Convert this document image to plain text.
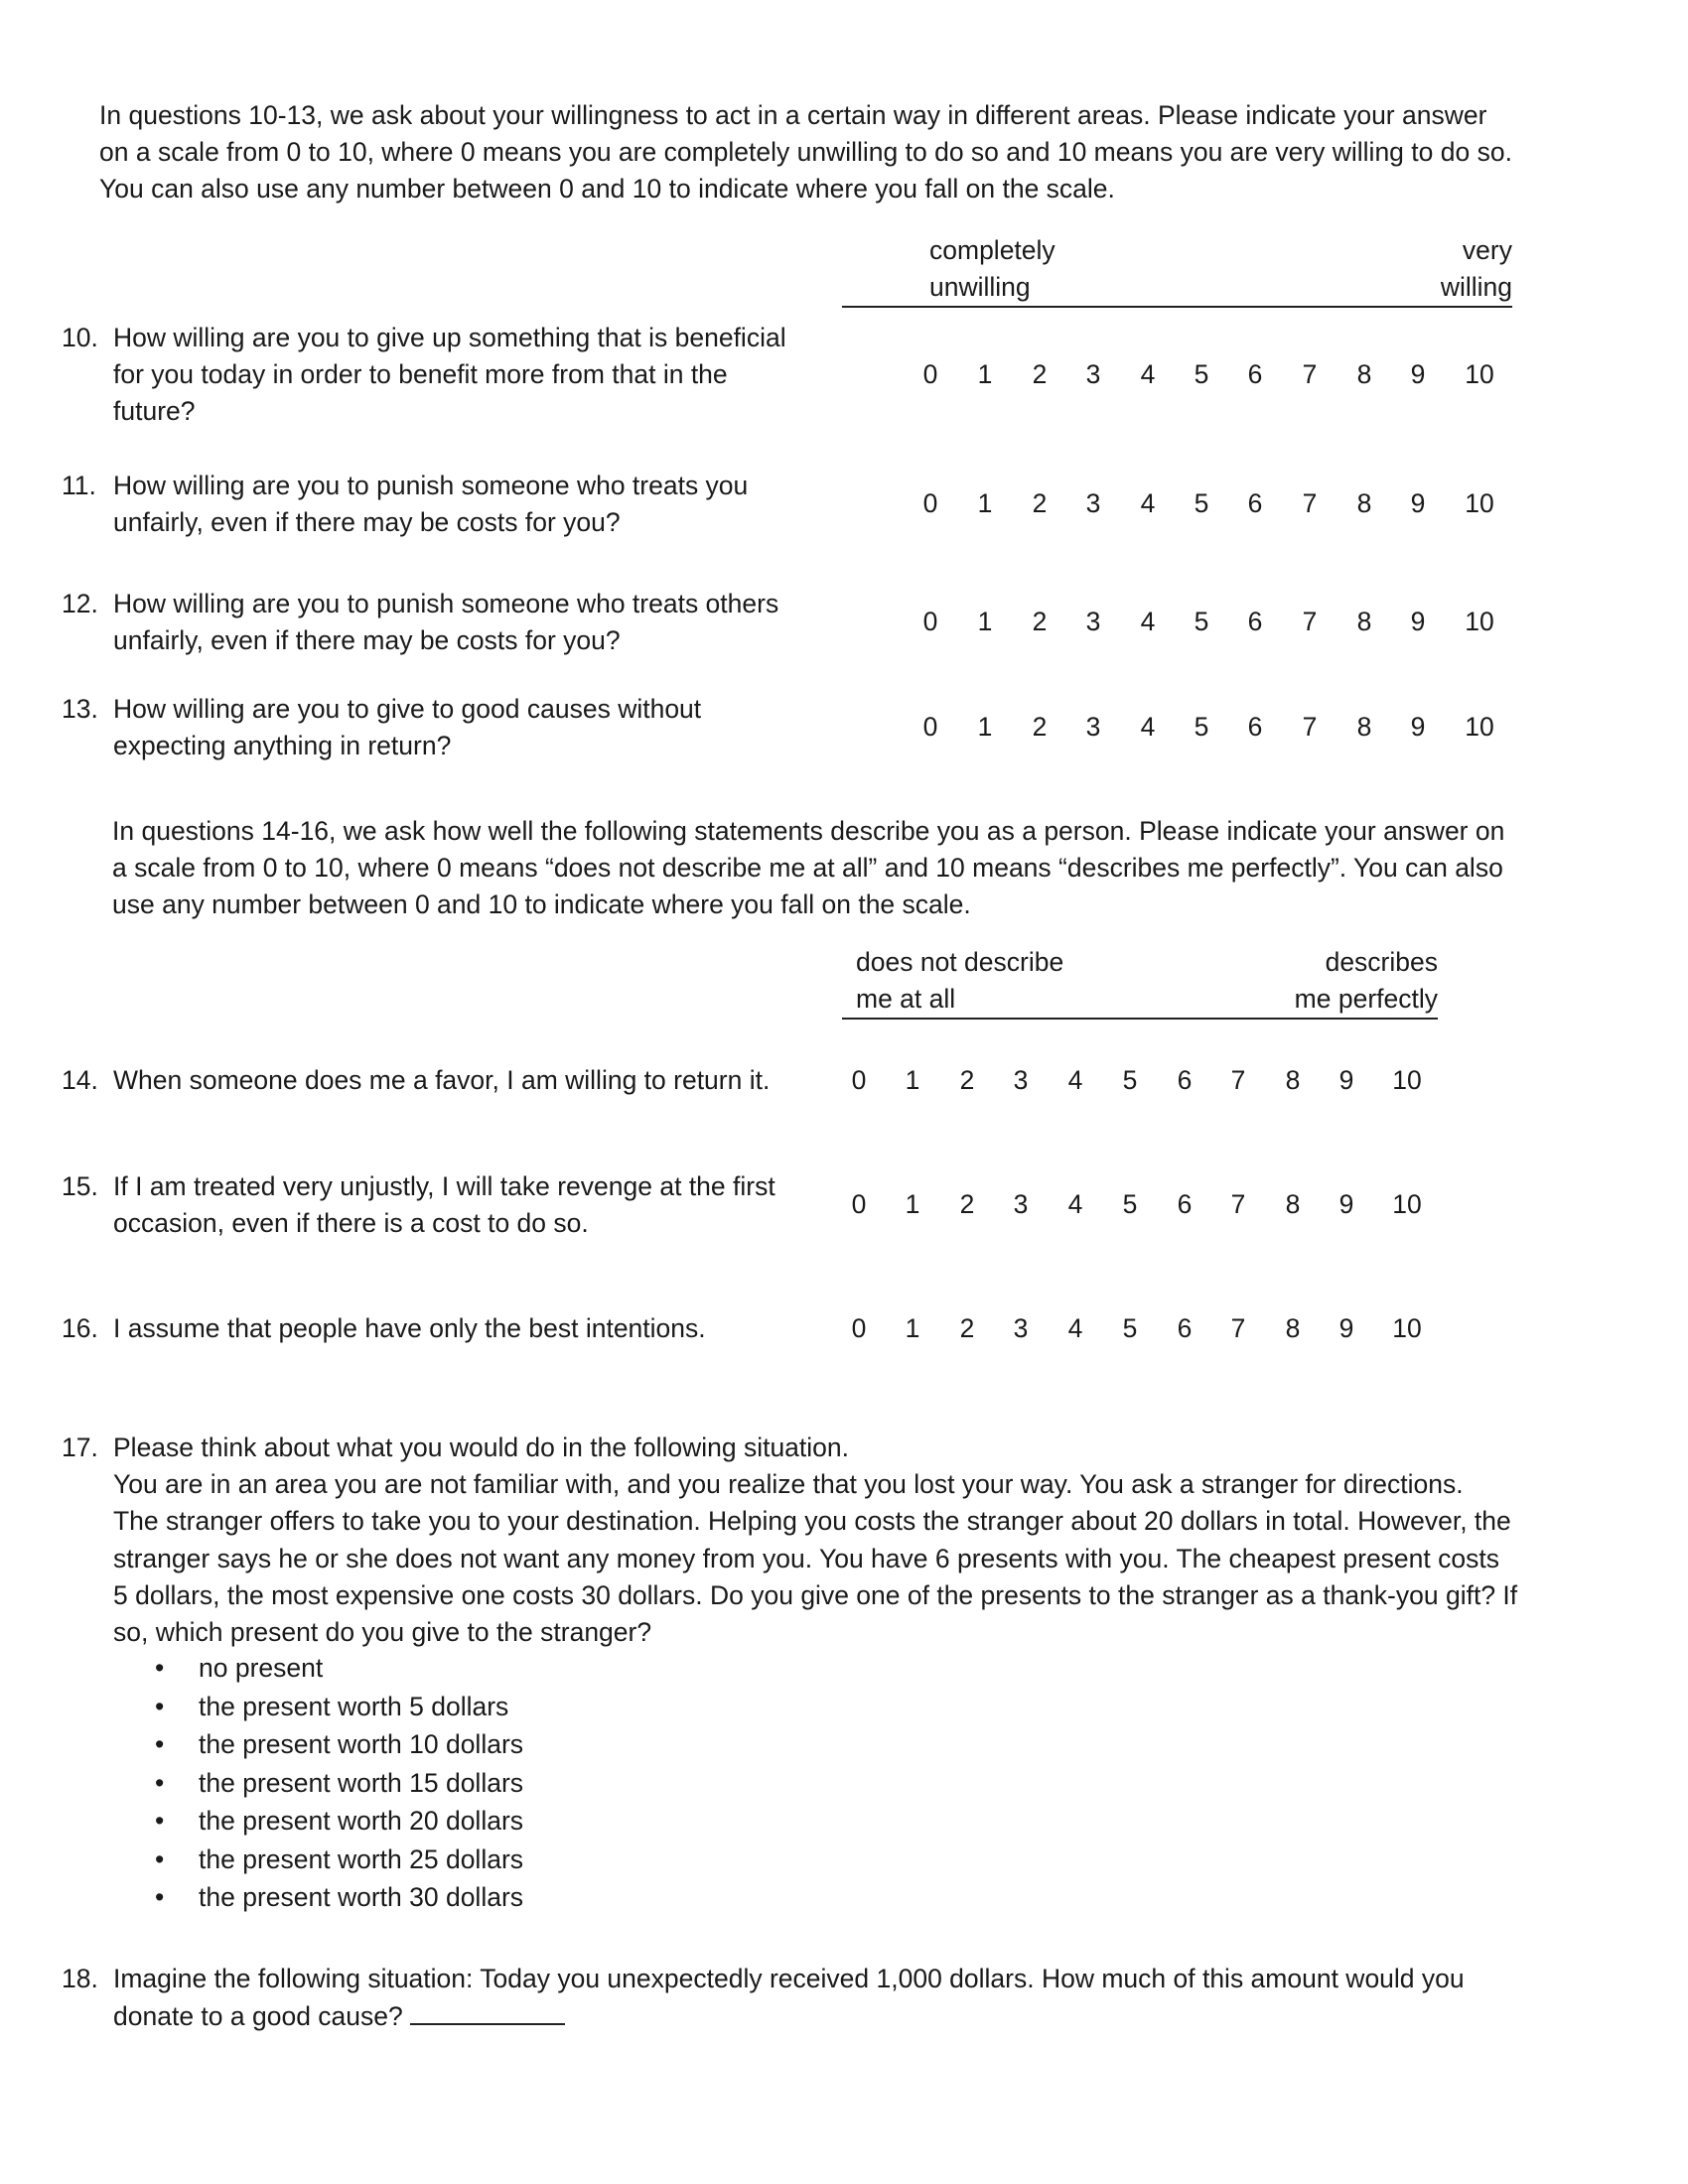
In questions 10-13, we ask about your willingness to act in a certain way in different areas. Please indicate your answer
on a scale from 0 to 10, where 0 means you are completely unwilling to do so and 10 means you are very willing to do so.
You can also use any number between 0 and 10 to indicate where you fall on the scale.
completely
unwilling
very
willing
10. How willing are you to give up something that is beneficial
for you today in order to benefit more from that in the
future?
0 1 2 3 4 5 6 7 8 9 10
11. How willing are you to punish someone who treats you
unfairly, even if there may be costs for you?
0 1 2 3 4 5 6 7 8 9 10
12. How willing are you to punish someone who treats others
unfairly, even if there may be costs for you?
0 1 2 3 4 5 6 7 8 9 10
13. How willing are you to give to good causes without
expecting anything in return?
0 1 2 3 4 5 6 7 8 9 10
In questions 14-16, we ask how well the following statements describe you as a person. Please indicate your answer on
a scale from 0 to 10, where 0 means “does not describe me at all” and 10 means “describes me perfectly”. You can also
use any number between 0 and 10 to indicate where you fall on the scale.
does not describe
me at all
describes
me perfectly
14. When someone does me a favor, I am willing to return it.	0 1 2 3 4 5 6 7 8 9 10
15. If I am treated very unjustly, I will take revenge at the first
occasion, even if there is a cost to do so.
0 1 2 3 4 5 6 7 8 9 10
16. I assume that people have only the best intentions.	0 1 2 3 4 5 6 7 8 9 10
17. Please think about what you would do in the following situation.
You are in an area you are not familiar with, and you realize that you lost your way. You ask a stranger for directions.
The stranger offers to take you to your destination. Helping you costs the stranger about 20 dollars in total. However, the
stranger says he or she does not want any money from you. You have 6 presents with you. The cheapest present costs
5 dollars, the most expensive one costs 30 dollars. Do you give one of the presents to the stranger as a thank-you gift? If
so, which present do you give to the stranger?
• no present
• the present worth 5 dollars
• the present worth 10 dollars
• the present worth 15 dollars
• the present worth 20 dollars
• the present worth 25 dollars
• the present worth 30 dollars
18. Imagine the following situation: Today you unexpectedly received 1,000 dollars. How much of this amount would you
donate to a good cause?
